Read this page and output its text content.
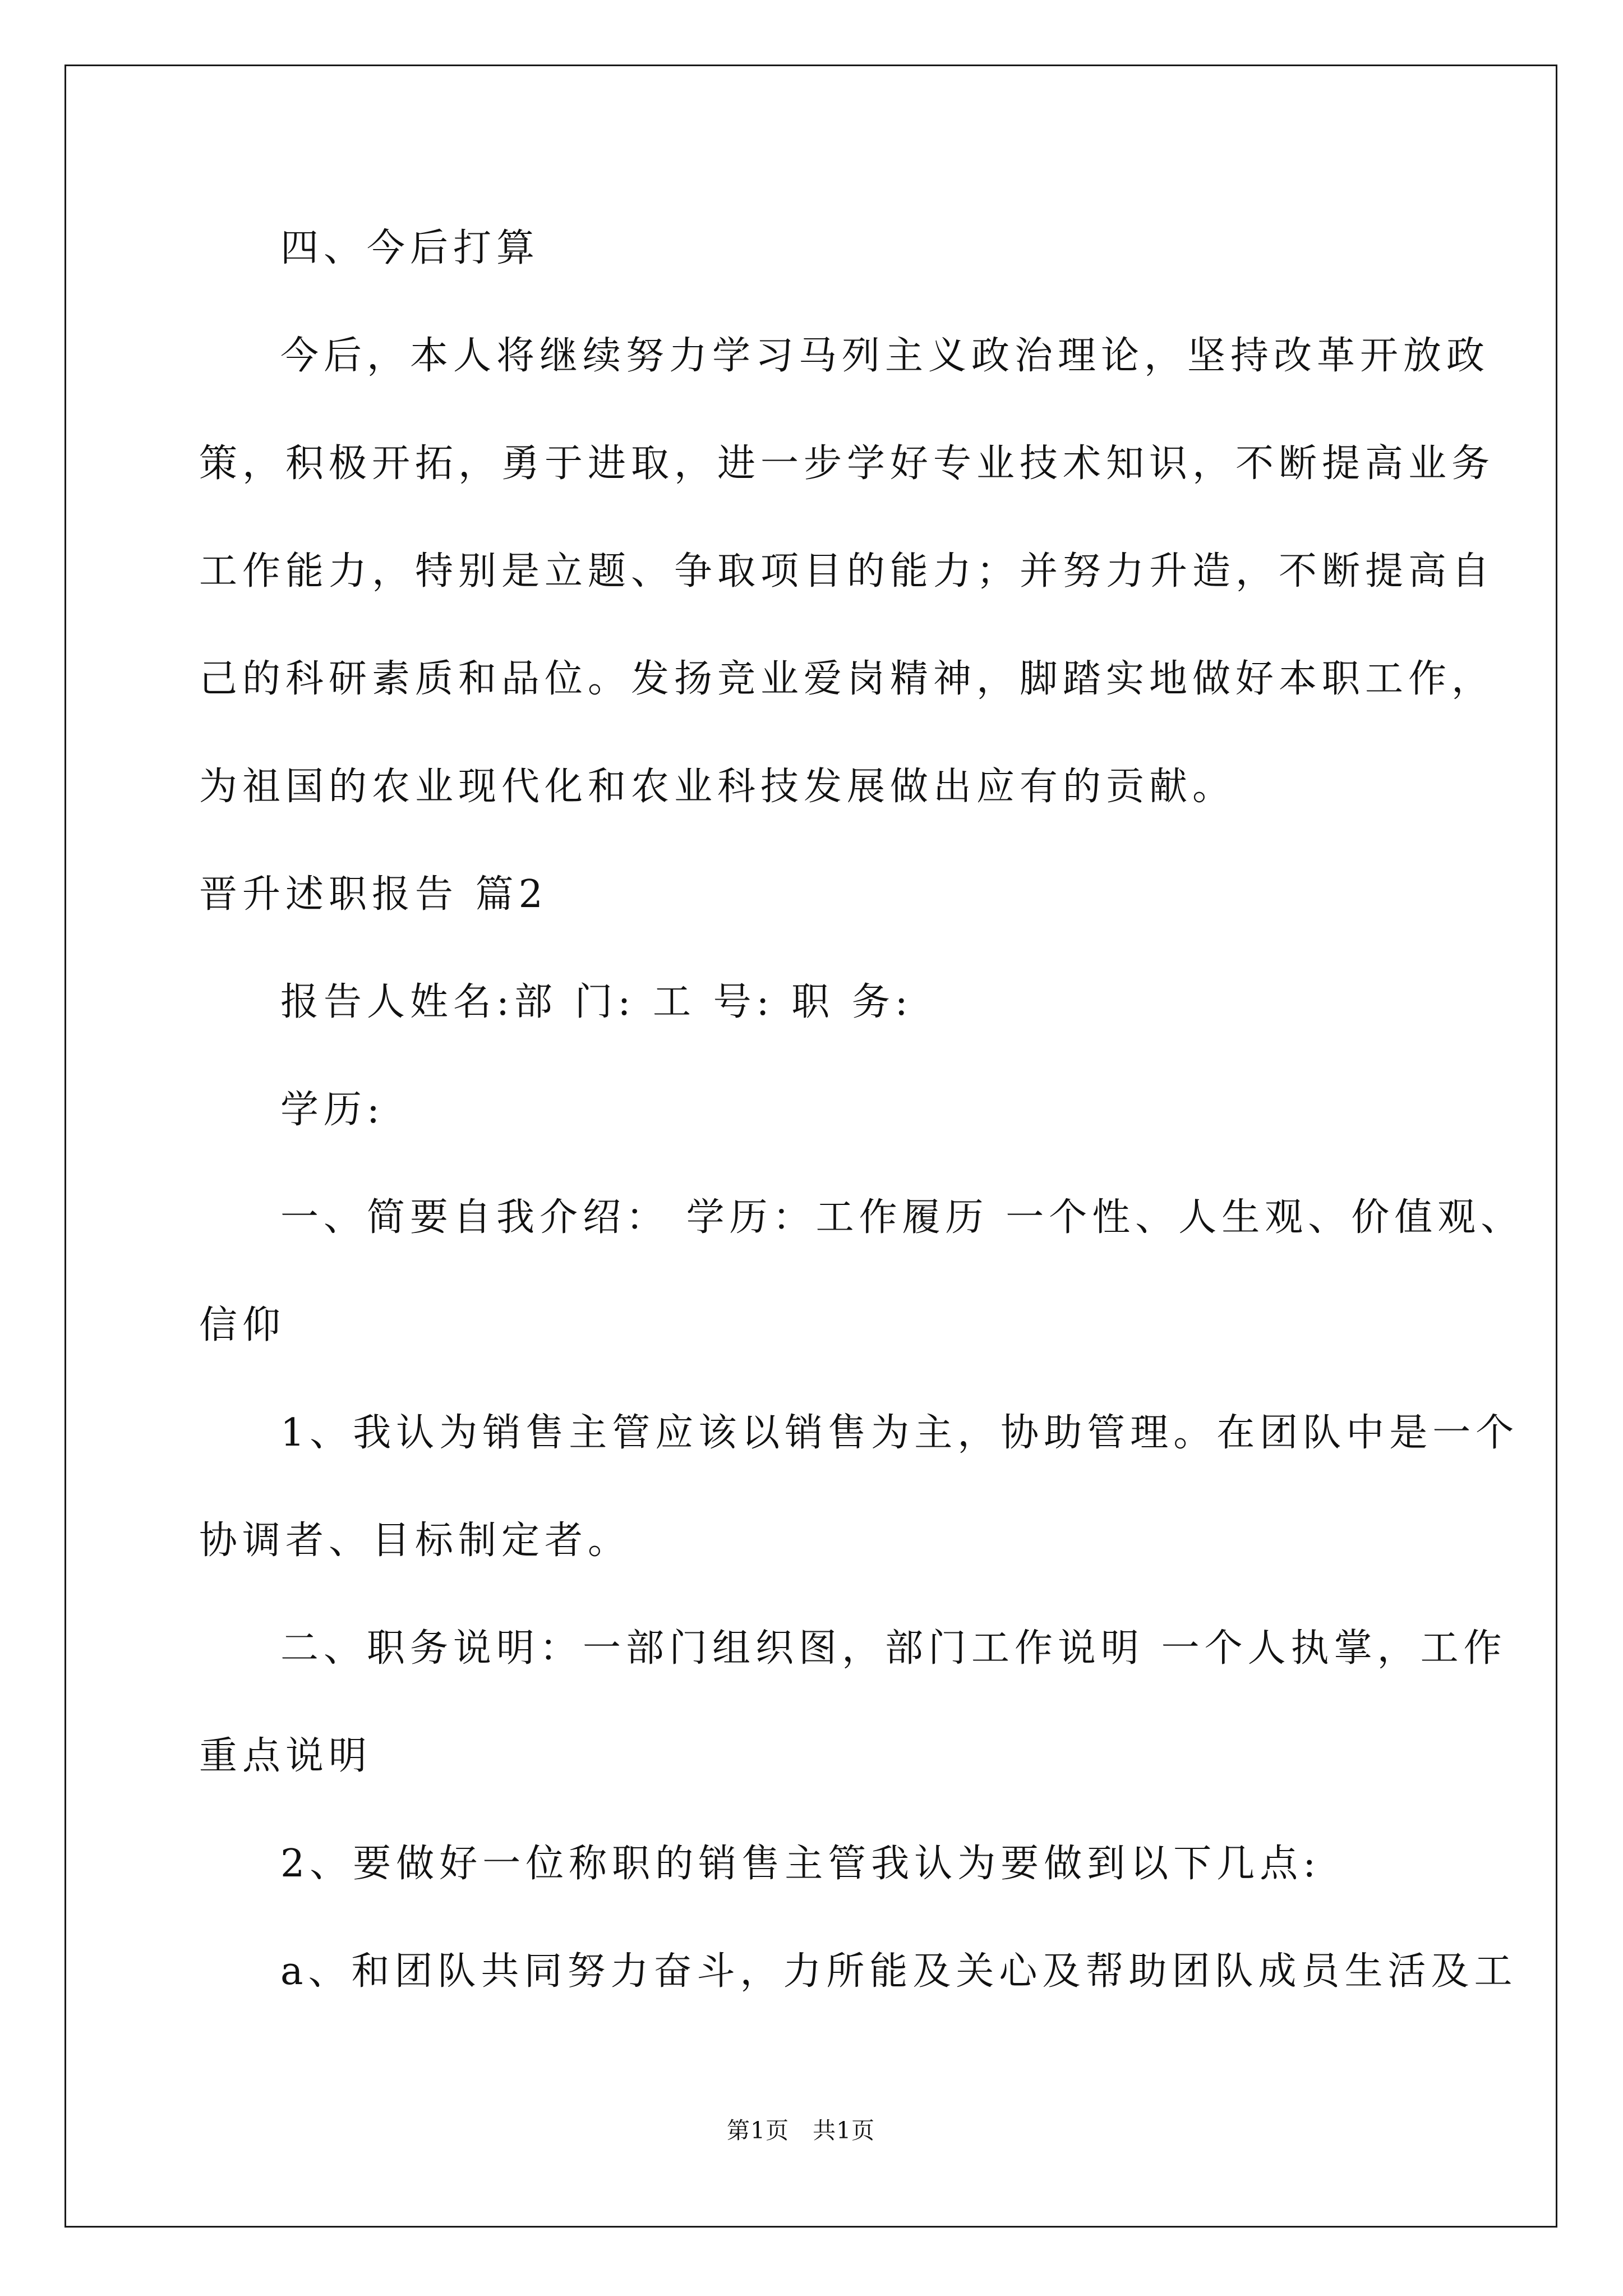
四、今后打算
今后，本人将继续努力学习马列主义政治理论，坚持改革开放政
策，积极开拓，勇于进取，进一步学好专业技术知识，不断提高业务
工作能力，特别是立题、争取项目的能力；并努力升造，不断提高自
己的科研素质和品位。发扬竞业爱岗精神，脚踏实地做好本职工作，
为祖国的农业现代化和农业科技发展做出应有的贡献。
晋升述职报告 篇2
报告人姓名:部 门: 工 号: 职 务:
学历:
一、简要自我介绍： 学历：工作履历 一个性、人生观、价值观、
信仰
1、我认为销售主管应该以销售为主，协助管理。在团队中是一个
协调者、目标制定者。
二、职务说明：一部门组织图，部门工作说明 一个人执掌，工作
重点说明
2、要做好一位称职的销售主管我认为要做到以下几点:
a、和团队共同努力奋斗，力所能及关心及帮助团队成员生活及工
第1页　共1页
